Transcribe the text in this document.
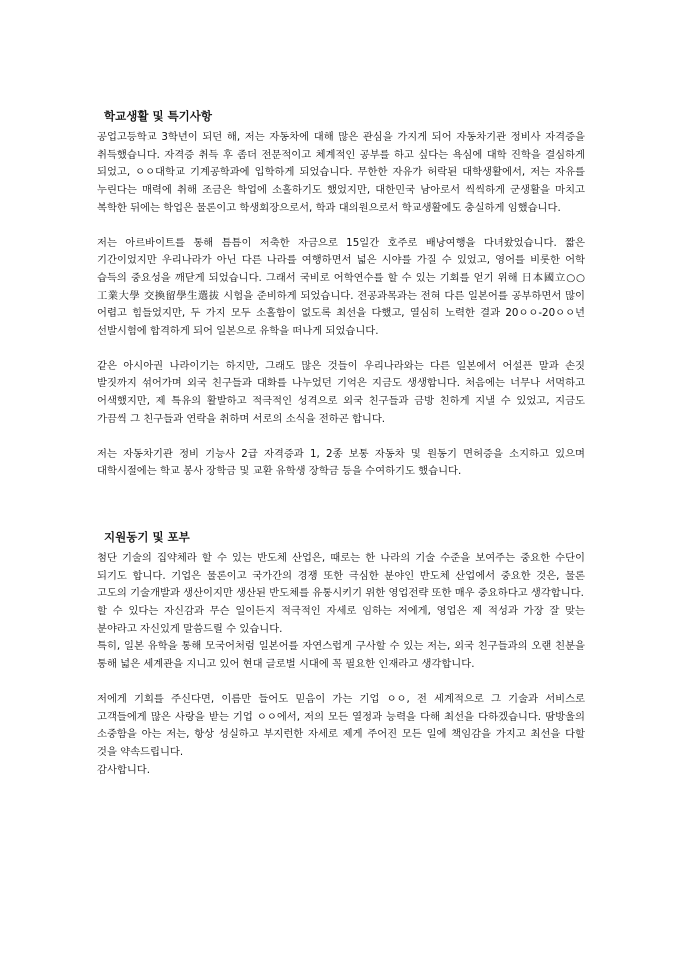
학교생활 및 특기사항

공업고등학교 3학년이 되던 해, 저는 자동차에 대해 많은 관심을 가지게 되어 자동차기관 정비사 자격증을 취득했습니다. 자격증 취득 후 좀더 전문적이고 체계적인 공부를 하고 싶다는 욕심에 대학 진학을 결심하게 되었고, ㅇㅇ대학교 기계공학과에 입학하게 되었습니다. 무한한 자유가 허락된 대학생활에서, 저는 자유를 누린다는 매력에 취해 조금은 학업에 소홀하기도 했었지만, 대한민국 남아로서 씩씩하게 군생활을 마치고 복학한 뒤에는 학업은 물론이고 학생회장으로서, 학과 대의원으로서 학교생활에도 충실하게 임했습니다.

저는 아르바이트를 통해 틈틈이 저축한 자금으로 15일간 호주로 배낭여행을 다녀왔었습니다. 짧은 기간이었지만 우리나라가 아닌 다른 나라를 여행하면서 넓은 시야를 가질 수 있었고, 영어를 비롯한 어학 습득의 중요성을 깨닫게 되었습니다. 그래서 국비로 어학연수를 할 수 있는 기회를 얻기 위해 日本國立○○工業大學 交換留學生選拔 시험을 준비하게 되었습니다. 전공과목과는 전혀 다른 일본어를 공부하면서 많이 어렵고 힘들었지만, 두 가지 모두 소홀함이 없도록 최선을 다했고, 열심히 노력한 결과 20ㅇㅇ-20ㅇㅇ년 선발시험에 합격하게 되어 일본으로 유학을 떠나게 되었습니다.

같은 아시아권 나라이기는 하지만, 그래도 많은 것들이 우리나라와는 다른 일본에서 어설픈 말과 손짓 발짓까지 섞어가며 외국 친구들과 대화를 나누었던 기억은 지금도 생생합니다. 처음에는 너무나 서먹하고 어색했지만, 제 특유의 활발하고 적극적인 성격으로 외국 친구들과 금방 친하게 지낼 수 있었고, 지금도 가끔씩 그 친구들과 연락을 취하며 서로의 소식을 전하곤 합니다.

저는 자동차기관 정비 기능사 2급 자격증과 1, 2종 보통 자동차 및 원동기 면허증을 소지하고 있으며 대학시절에는 학교 봉사 장학금 및 교환 유학생 장학금 등을 수여하기도 했습니다.

지원동기 및 포부

첨단 기술의 집약체라 할 수 있는 반도체 산업은, 때로는 한 나라의 기술 수준을 보여주는 중요한 수단이 되기도 합니다. 기업은 물론이고 국가간의 경쟁 또한 극심한 분야인 반도체 산업에서 중요한 것은, 물론 고도의 기술개발과 생산이지만 생산된 반도체를 유통시키기 위한 영업전략 또한 매우 중요하다고 생각합니다.

할 수 있다는 자신감과 무슨 일이든지 적극적인 자세로 임하는 저에게, 영업은 제 적성과 가장 잘 맞는 분야라고 자신있게 말씀드릴 수 있습니다.

특히, 일본 유학을 통해 모국어처럼 일본어를 자연스럽게 구사할 수 있는 저는, 외국 친구들과의 오랜 친분을 통해 넓은 세계관을 지니고 있어 현대 글로벌 시대에 꼭 필요한 인재라고 생각합니다.

저에게 기회를 주신다면, 이름만 들어도 믿음이 가는 기업 ㅇㅇ, 전 세계적으로 그 기술과 서비스로 고객들에게 많은 사랑을 받는 기업 ㅇㅇ에서, 저의 모든 열정과 능력을 다해 최선을 다하겠습니다. 땀방울의 소중함을 아는 저는, 항상 성실하고 부지런한 자세로 제게 주어진 모든 일에 책임감을 가지고 최선을 다할 것을 약속드립니다.

감사합니다.
